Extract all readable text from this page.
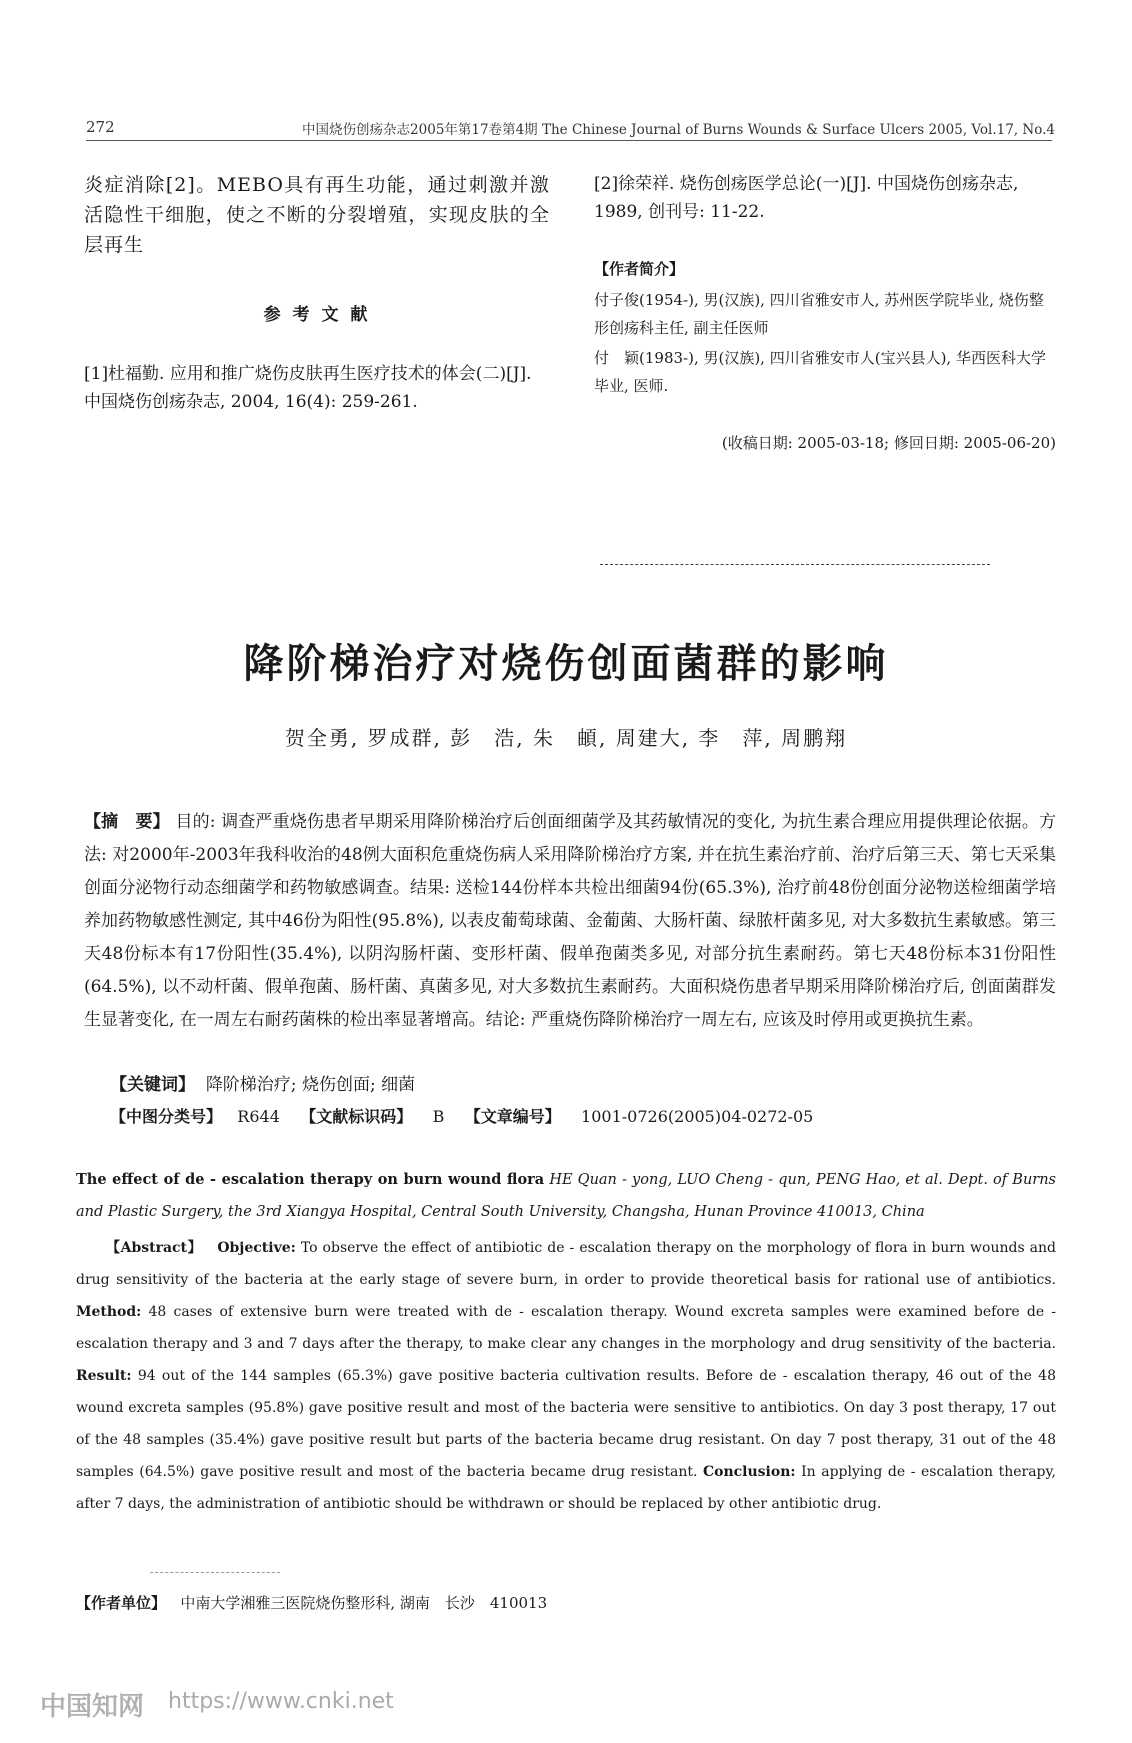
272	中国烧伤创疡杂志2005年第17卷第4期 The Chinese Journal of Burns Wounds & Surface Ulcers 2005, Vol.17, No.4
炎症消除[2]。MEBO具有再生功能，通过刺激并激活隐性干细胞，使之不断的分裂增殖，实现皮肤的全层再生
参 考 文 献
[1]杜福勤. 应用和推广烧伤皮肤再生医疗技术的体会(二)[J]. 中国烧伤创疡杂志, 2004, 16(4): 259-261.
[2]徐荣祥. 烧伤创疡医学总论(一)[J]. 中国烧伤创疡杂志, 1989, 创刊号: 11-22.
【作者简介】
付子俊(1954-), 男(汉族), 四川省雅安市人, 苏州医学院毕业, 烧伤整形创疡科主任, 副主任医师
付　颖(1983-), 男(汉族), 四川省雅安市人(宝兴县人), 华西医科大学毕业, 医师.
(收稿日期: 2005-03-18; 修回日期: 2005-06-20)
降阶梯治疗对烧伤创面菌群的影响
贺全勇, 罗成群, 彭　浩, 朱　頔, 周建大, 李　萍, 周鹏翔
【摘　要】 目的: 调查严重烧伤患者早期采用降阶梯治疗后创面细菌学及其药敏情况的变化, 为抗生素合理应用提供理论依据。方法: 对2000年-2003年我科收治的48例大面积危重烧伤病人采用降阶梯治疗方案, 并在抗生素治疗前、治疗后第三天、第七天采集创面分泌物行动态细菌学和药物敏感调查。结果: 送检144份样本共检出细菌94份(65.3%), 治疗前48份创面分泌物送检细菌学培养加药物敏感性测定, 其中46份为阳性(95.8%), 以表皮葡萄球菌、金葡菌、大肠杆菌、绿脓杆菌多见, 对大多数抗生素敏感。第三天48份标本有17份阳性(35.4%), 以阴沟肠杆菌、变形杆菌、假单孢菌类多见, 对部分抗生素耐药。第七天48份标本31份阳性(64.5%), 以不动杆菌、假单孢菌、肠杆菌、真菌多见, 对大多数抗生素耐药。大面积烧伤患者早期采用降阶梯治疗后, 创面菌群发生显著变化, 在一周左右耐药菌株的检出率显著增高。结论: 严重烧伤降阶梯治疗一周左右, 应该及时停用或更换抗生素。
【关键词】 降阶梯治疗; 烧伤创面; 细菌
【中图分类号】 R644 【文献标识码】 B 【文章编号】 1001-0726(2005)04-0272-05
The effect of de - escalation therapy on burn wound flora HE Quan - yong, LUO Cheng - qun, PENG Hao, et al. Dept. of Burns and Plastic Surgery, the 3rd Xiangya Hospital, Central South University, Changsha, Hunan Province 410013, China
【Abstract】 Objective: To observe the effect of antibiotic de - escalation therapy on the morphology of flora in burn wounds and drug sensitivity of the bacteria at the early stage of severe burn, in order to provide theoretical basis for rational use of antibiotics. Method: 48 cases of extensive burn were treated with de - escalation therapy. Wound excreta samples were examined before de - escalation therapy and 3 and 7 days after the therapy, to make clear any changes in the morphology and drug sensitivity of the bacteria. Result: 94 out of the 144 samples (65.3%) gave positive bacteria cultivation results. Before de - escalation therapy, 46 out of the 48 wound excreta samples (95.8%) gave positive result and most of the bacteria were sensitive to antibiotics. On day 3 post therapy, 17 out of the 48 samples (35.4%) gave positive result but parts of the bacteria became drug resistant. On day 7 post therapy, 31 out of the 48 samples (64.5%) gave positive result and most of the bacteria became drug resistant. Conclusion: In applying de - escalation therapy, after 7 days, the administration of antibiotic should be withdrawn or should be replaced by other antibiotic drug.
【作者单位】 中南大学湘雅三医院烧伤整形科, 湖南　长沙　410013
中国知网 https://www.cnki.net
